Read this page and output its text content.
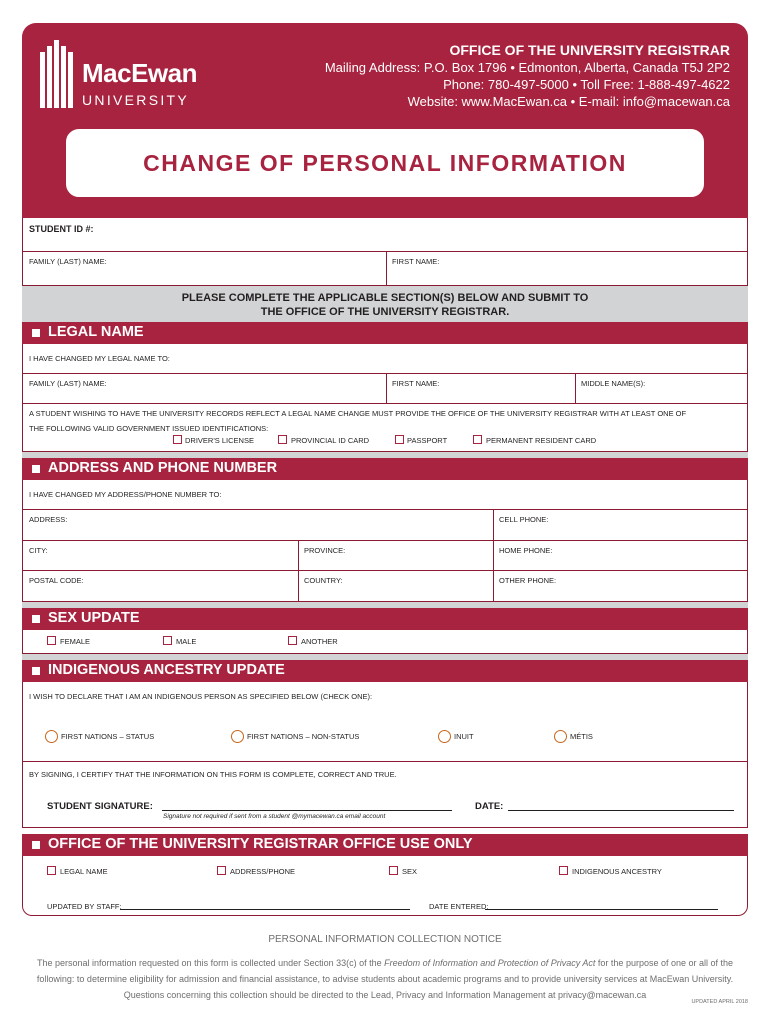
MacEwan
UNIVERSITY
OFFICE OF THE UNIVERSITY REGISTRAR
Mailing Address: P.O. Box 1796 • Edmonton, Alberta, Canada T5J 2P2
Phone: 780-497-5000 • Toll Free: 1-888-497-4622
Website: www.MacEwan.ca • E-mail: info@macewan.ca
CHANGE OF PERSONAL INFORMATION
STUDENT ID #:
FAMILY (LAST) NAME:	FIRST NAME:
PLEASE COMPLETE THE APPLICABLE SECTION(S) BELOW AND SUBMIT TO
THE OFFICE OF THE UNIVERSITY REGISTRAR.
LEGAL NAME
I HAVE CHANGED MY LEGAL NAME TO:
FAMILY (LAST) NAME:	FIRST NAME:	MIDDLE NAME(S):
A STUDENT WISHING TO HAVE THE UNIVERSITY RECORDS REFLECT A LEGAL NAME CHANGE MUST PROVIDE THE OFFICE OF THE UNIVERSITY REGISTRAR WITH AT LEAST ONE OF
THE FOLLOWING VALID GOVERNMENT ISSUED IDENTIFICATIONS:
DRIVER'S LICENSE	PROVINCIAL ID CARD	PASSPORT	PERMANENT RESIDENT CARD
ADDRESS AND PHONE NUMBER
I HAVE CHANGED MY ADDRESS/PHONE NUMBER TO:
ADDRESS:	CELL PHONE:
CITY:	PROVINCE:	HOME PHONE:
POSTAL CODE:	COUNTRY:	OTHER PHONE:
SEX UPDATE
FEMALE	MALE	ANOTHER
INDIGENOUS ANCESTRY UPDATE
I WISH TO DECLARE THAT I AM AN INDIGENOUS PERSON AS SPECIFIED BELOW (CHECK ONE):
FIRST NATIONS – STATUS	FIRST NATIONS – NON-STATUS	INUIT	MÉTIS
BY SIGNING, I CERTIFY THAT THE INFORMATION ON THIS FORM IS COMPLETE, CORRECT AND TRUE.
STUDENT SIGNATURE:	DATE:
Signature not required if sent from a student @mymacewan.ca email account
OFFICE OF THE UNIVERSITY REGISTRAR OFFICE USE ONLY
LEGAL NAME	ADDRESS/PHONE	SEX	INDIGENOUS ANCESTRY
UPDATED BY STAFF:	DATE ENTERED:
PERSONAL INFORMATION COLLECTION NOTICE
The personal information requested on this form is collected under Section 33(c) of the Freedom of Information and Protection of Privacy Act for the purpose of one or all of the following: to determine eligibility for admission and financial assistance, to advise students about academic programs and to provide university services at MacEwan University. Questions concerning this collection should be directed to the Lead, Privacy and Information Management at privacy@macewan.ca
UPDATED APRIL 2018
